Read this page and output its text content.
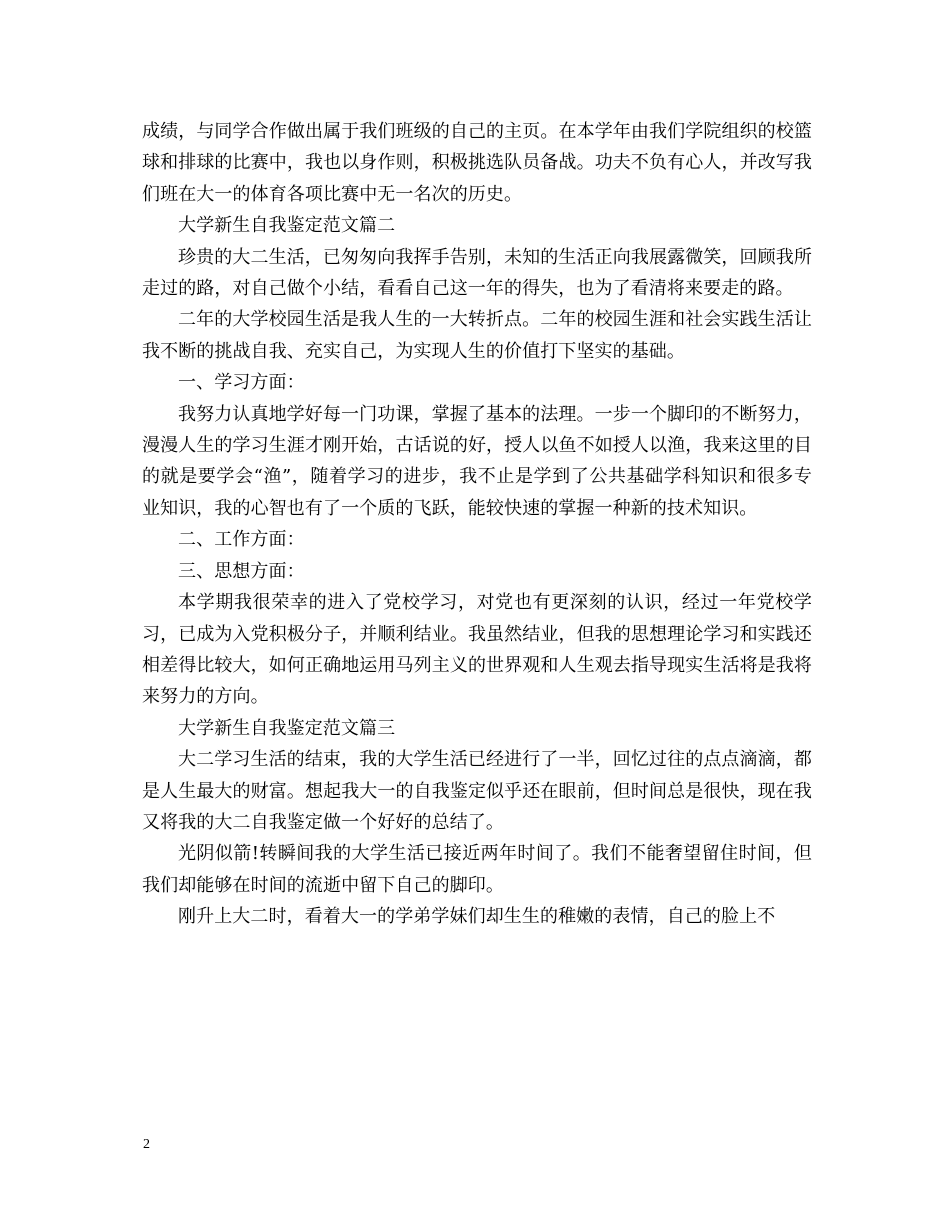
成绩，与同学合作做出属于我们班级的自己的主页。在本学年由我们学院组织的校篮球和排球的比赛中，我也以身作则，积极挑选队员备战。功夫不负有心人，并改写我们班在大一的体育各项比赛中无一名次的历史。

大学新生自我鉴定范文篇二

珍贵的大二生活，已匆匆向我挥手告别，未知的生活正向我展露微笑，回顾我所走过的路，对自己做个小结，看看自己这一年的得失，也为了看清将来要走的路。

二年的大学校园生活是我人生的一大转折点。二年的校园生涯和社会实践生活让我不断的挑战自我、充实自己，为实现人生的价值打下坚实的基础。

一、学习方面：

我努力认真地学好每一门功课，掌握了基本的法理。一步一个脚印的不断努力，漫漫人生的学习生涯才刚开始，古话说的好，授人以鱼不如授人以渔，我来这里的目的就是要学会“渔”，随着学习的进步，我不止是学到了公共基础学科知识和很多专业知识，我的心智也有了一个质的飞跃，能较快速的掌握一种新的技术知识。

二、工作方面：

三、思想方面：

本学期我很荣幸的进入了党校学习，对党也有更深刻的认识，经过一年党校学习，已成为入党积极分子，并顺利结业。我虽然结业，但我的思想理论学习和实践还相差得比较大，如何正确地运用马列主义的世界观和人生观去指导现实生活将是我将来努力的方向。

大学新生自我鉴定范文篇三

大二学习生活的结束，我的大学生活已经进行了一半，回忆过往的点点滴滴，都是人生最大的财富。想起我大一的自我鉴定似乎还在眼前，但时间总是很快，现在我又将我的大二自我鉴定做一个好好的总结了。

光阴似箭!转瞬间我的大学生活已接近两年时间了。我们不能奢望留住时间，但我们却能够在时间的流逝中留下自己的脚印。

刚升上大二时，看着大一的学弟学妹们却生生的稚嫩的表情，自己的脸上不

2
